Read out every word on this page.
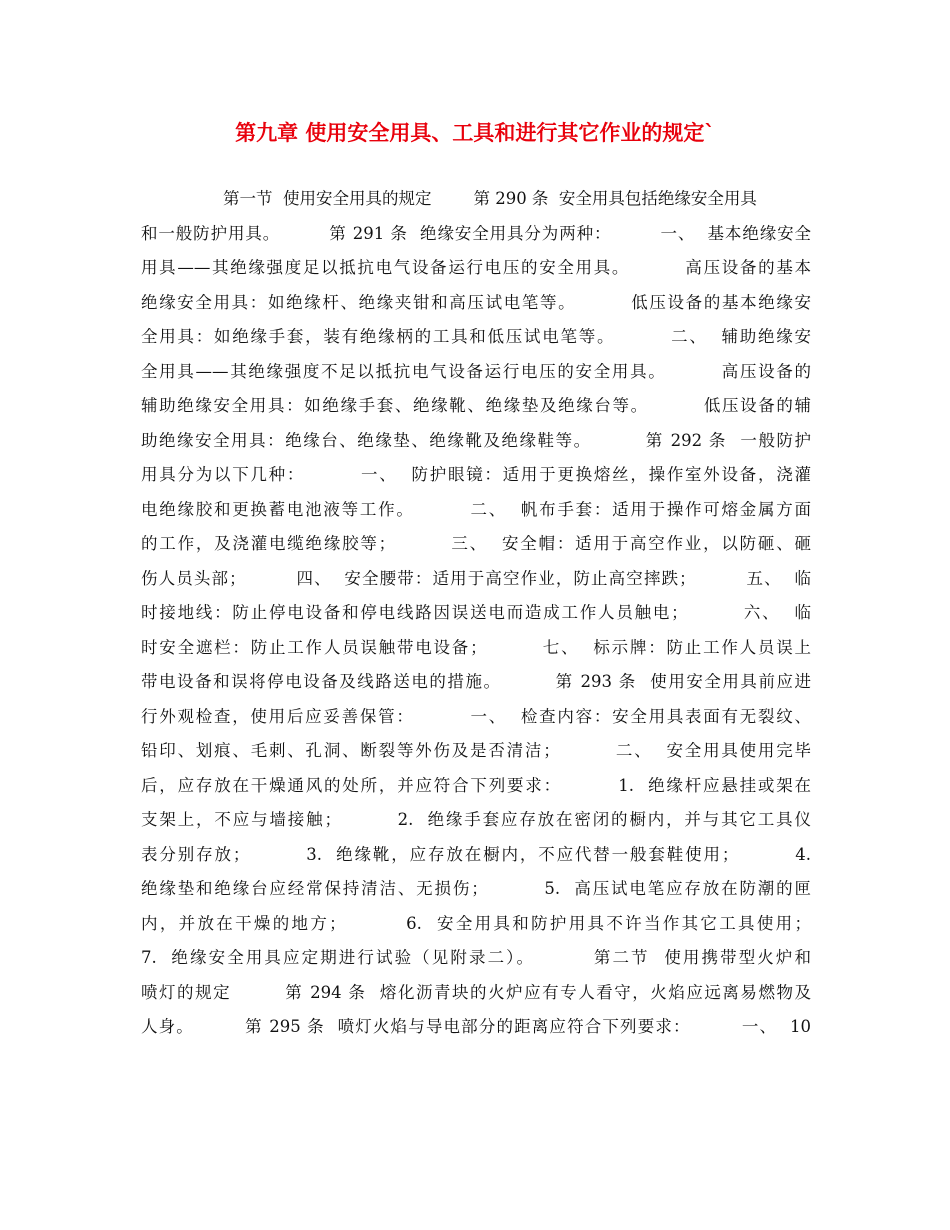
第九章 使用安全用具、工具和进行其它作业的规定`
第一节  使用安全用具的规定        第 290 条  安全用具包括绝缘安全用具
和一般防护用具。        第 291 条  绝缘安全用具分为两种：        一、  基本绝缘安全
用具——其绝缘强度足以抵抗电气设备运行电压的安全用具。        高压设备的基本
绝缘安全用具：如绝缘杆、绝缘夹钳和高压试电笔等。        低压设备的基本绝缘安
全用具：如绝缘手套，装有绝缘柄的工具和低压试电笔等。        二、  辅助绝缘安
全用具——其绝缘强度不足以抵抗电气设备运行电压的安全用具。        高压设备的
辅助绝缘安全用具：如绝缘手套、绝缘靴、绝缘垫及绝缘台等。        低压设备的辅
助绝缘安全用具：绝缘台、绝缘垫、绝缘靴及绝缘鞋等。        第 292 条  一般防护
用具分为以下几种：        一、  防护眼镜：适用于更换熔丝，操作室外设备，浇灌
电绝缘胶和更换蓄电池液等工作。        二、  帆布手套：适用于操作可熔金属方面
的工作，及浇灌电缆绝缘胶等；        三、  安全帽：适用于高空作业，以防砸、砸
伤人员头部；        四、  安全腰带：适用于高空作业，防止高空摔跌；        五、  临
时接地线：防止停电设备和停电线路因误送电而造成工作人员触电；        六、  临
时安全遮栏：防止工作人员误触带电设备；        七、  标示牌：防止工作人员误上
带电设备和误将停电设备及线路送电的措施。        第 293 条  使用安全用具前应进
行外观检查，使用后应妥善保管：        一、  检查内容：安全用具表面有无裂纹、
铅印、划痕、毛刺、孔洞、断裂等外伤及是否清洁；        二、  安全用具使用完毕
后，应存放在干燥通风的处所，并应符合下列要求：        1.  绝缘杆应悬挂或架在
支架上，不应与墙接触；        2.  绝缘手套应存放在密闭的橱内，并与其它工具仪
表分别存放；        3.  绝缘靴，应存放在橱内，不应代替一般套鞋使用；        4.
绝缘垫和绝缘台应经常保持清洁、无损伤；        5.  高压试电笔应存放在防潮的匣
内，并放在干燥的地方；        6.  安全用具和防护用具不许当作其它工具使用；
7.  绝缘安全用具应定期进行试验（见附录二）。        第二节  使用携带型火炉和
喷灯的规定        第 294 条  熔化沥青块的火炉应有专人看守，火焰应远离易燃物及
人身。        第 295 条  喷灯火焰与导电部分的距离应符合下列要求：        一、  10
